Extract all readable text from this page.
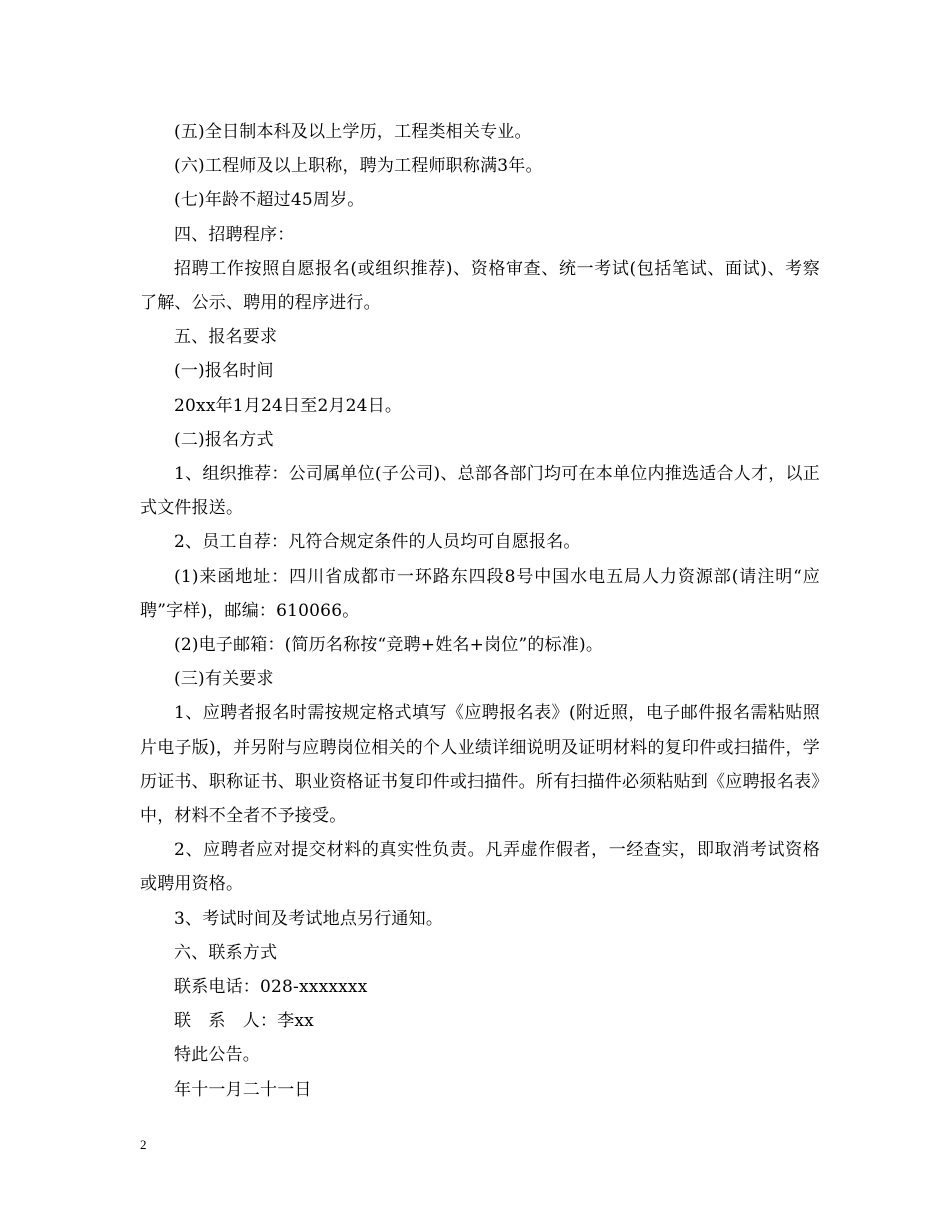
(五)全日制本科及以上学历，工程类相关专业。

(六)工程师及以上职称，聘为工程师职称满3年。

(七)年龄不超过45周岁。

四、招聘程序：

招聘工作按照自愿报名(或组织推荐)、资格审查、统一考试(包括笔试、面试)、考察了解、公示、聘用的程序进行。

五、报名要求

(一)报名时间

20xx年1月24日至2月24日。

(二)报名方式

1、组织推荐：公司属单位(子公司)、总部各部门均可在本单位内推选适合人才，以正式文件报送。

2、员工自荐：凡符合规定条件的人员均可自愿报名。

(1)来函地址：四川省成都市一环路东四段8号中国水电五局人力资源部(请注明“应聘”字样)，邮编：610066。

(2)电子邮箱：(简历名称按“竞聘+姓名+岗位”的标准)。

(三)有关要求

1、应聘者报名时需按规定格式填写《应聘报名表》(附近照，电子邮件报名需粘贴照片电子版)，并另附与应聘岗位相关的个人业绩详细说明及证明材料的复印件或扫描件，学历证书、职称证书、职业资格证书复印件或扫描件。所有扫描件必须粘贴到《应聘报名表》中，材料不全者不予接受。

2、应聘者应对提交材料的真实性负责。凡弄虚作假者，一经查实，即取消考试资格或聘用资格。

3、考试时间及考试地点另行通知。

六、联系方式

联系电话：028-xxxxxxx

联　系　人：李xx

特此公告。

年十一月二十一日

2
